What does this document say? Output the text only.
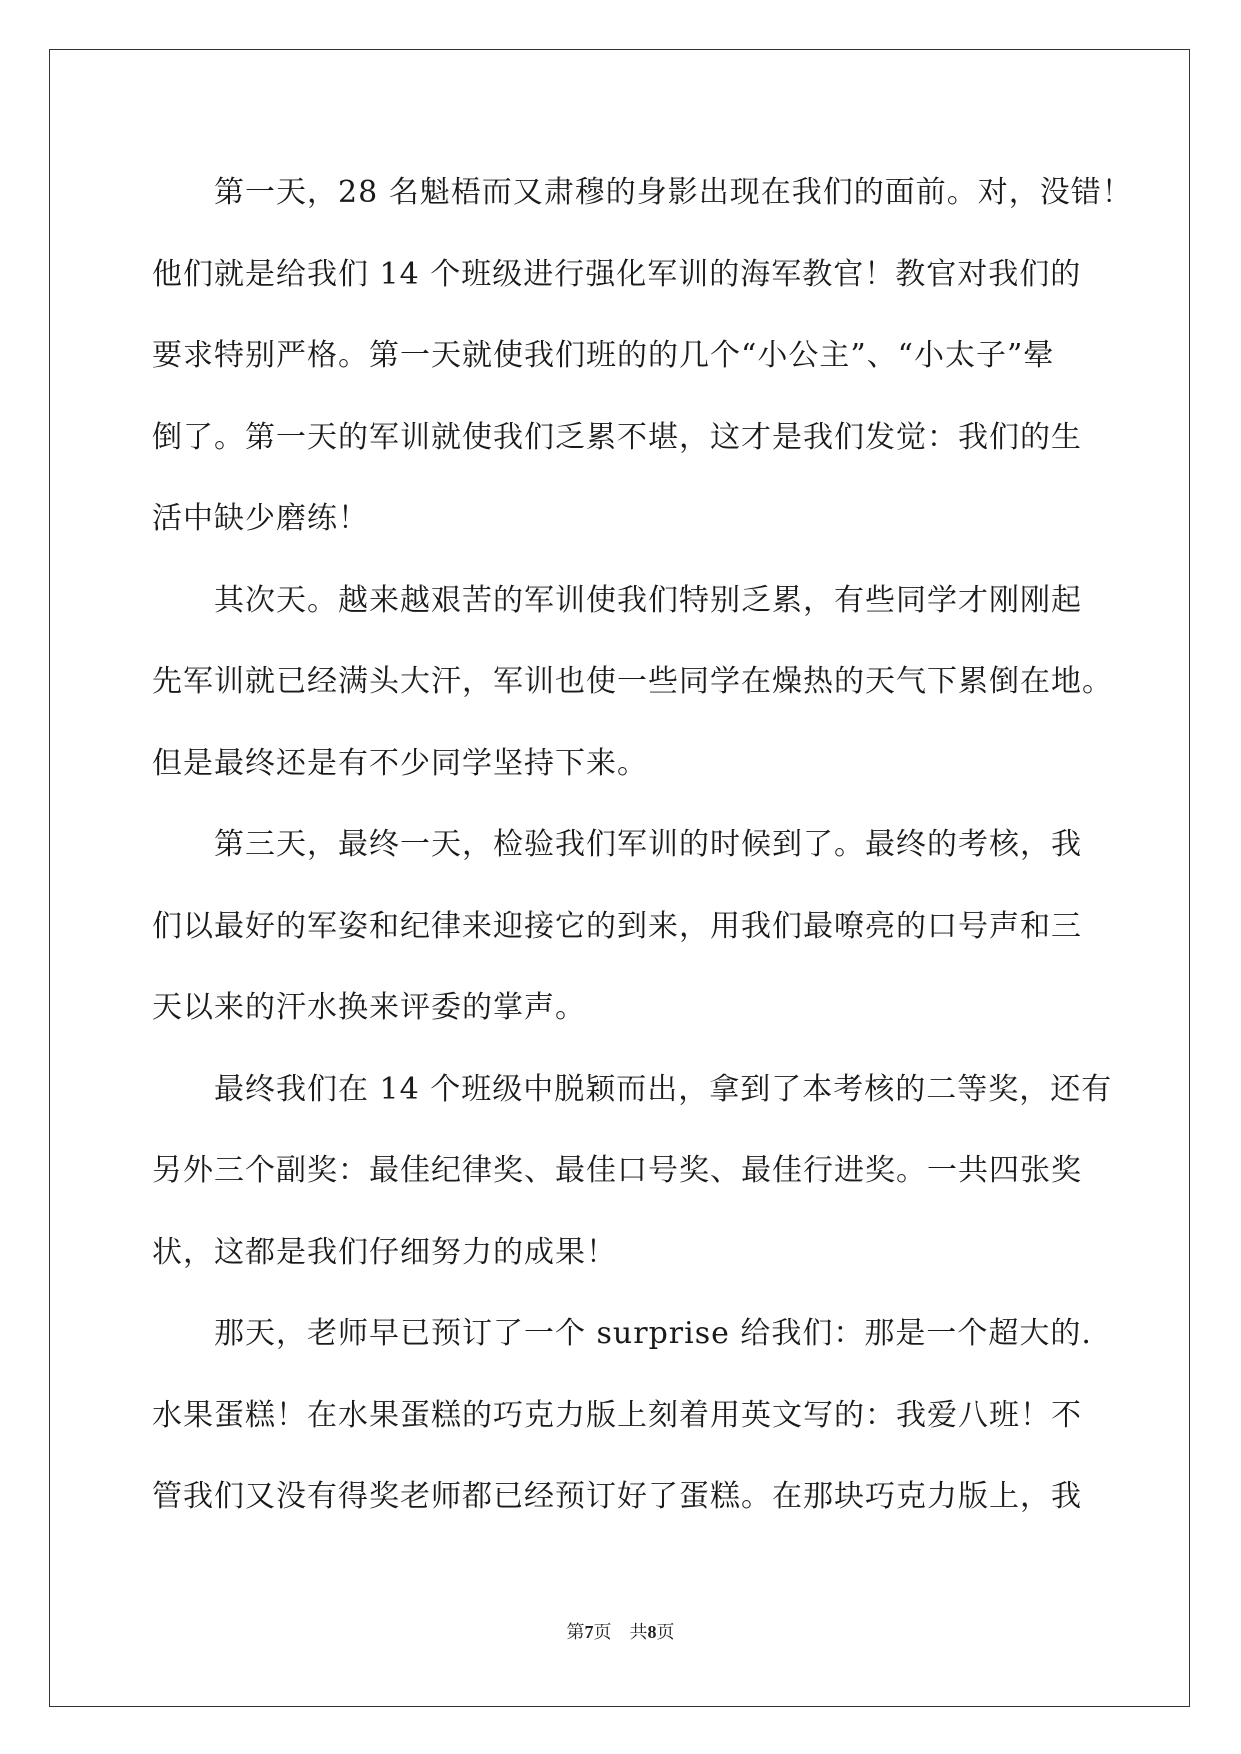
第一天，28 名魁梧而又肃穆的身影出现在我们的面前。对，没错！
他们就是给我们 14 个班级进行强化军训的海军教官！教官对我们的
要求特别严格。第一天就使我们班的的几个“小公主”、“小太子”晕
倒了。第一天的军训就使我们乏累不堪，这才是我们发觉：我们的生
活中缺少磨练！
其次天。越来越艰苦的军训使我们特别乏累，有些同学才刚刚起
先军训就已经满头大汗，军训也使一些同学在燥热的天气下累倒在地。
但是最终还是有不少同学坚持下来。
第三天，最终一天，检验我们军训的时候到了。最终的考核，我
们以最好的军姿和纪律来迎接它的到来，用我们最嘹亮的口号声和三
天以来的汗水换来评委的掌声。
最终我们在 14 个班级中脱颖而出，拿到了本考核的二等奖，还有
另外三个副奖：最佳纪律奖、最佳口号奖、最佳行进奖。一共四张奖
状，这都是我们仔细努力的成果！
那天，老师早已预订了一个 surprise 给我们：那是一个超大的.
水果蛋糕！在水果蛋糕的巧克力版上刻着用英文写的：我爱八班！不
管我们又没有得奖老师都已经预订好了蛋糕。在那块巧克力版上，我
第7页　共8页
